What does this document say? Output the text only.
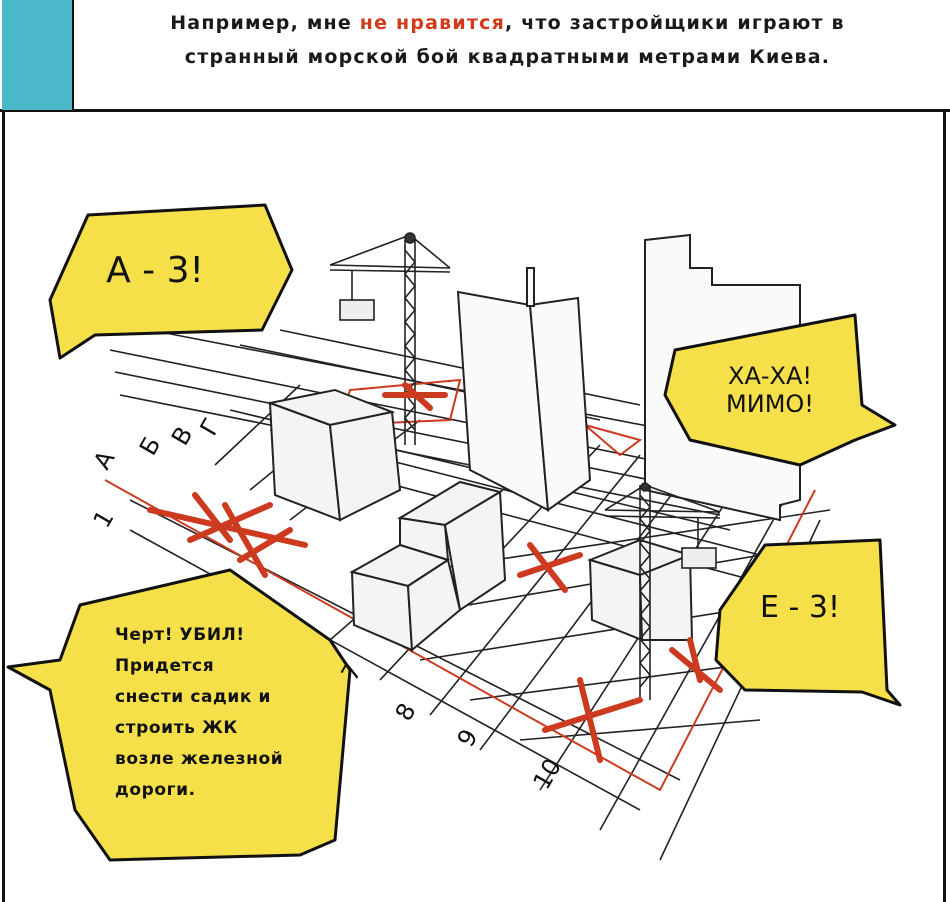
Например, мне не нравится, что застройщики играют в
странный морской бой квадратными метрами Киева.
А Б В
Г
1
7
8
9
10
А - 3!
ХА-ХА!
МИМО!
Е - 3!
Черт! УБИЛ!
Придется
снести садик и
строить ЖК
возле железной
дороги.
